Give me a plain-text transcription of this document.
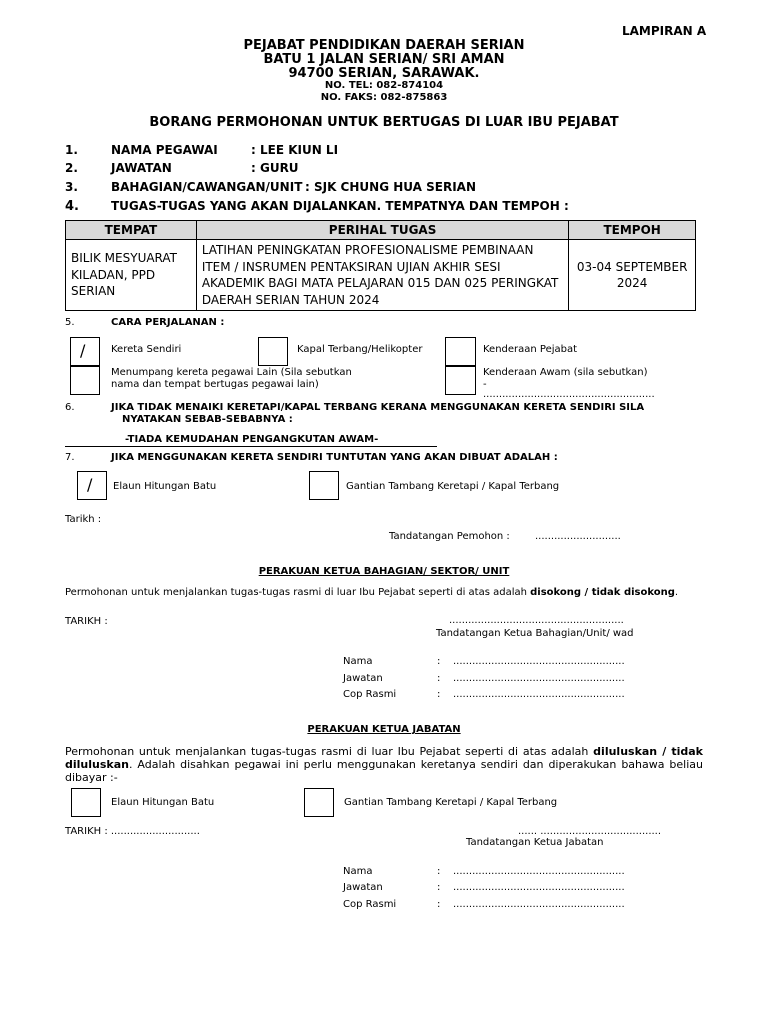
LAMPIRAN A
PEJABAT PENDIDIKAN DAERAH SERIAN
BATU 1 JALAN SERIAN/ SRI AMAN
94700 SERIAN, SARAWAK.
NO. TEL: 082-874104
NO. FAKS: 082-875863
BORANG PERMOHONAN UNTUK BERTUGAS DI LUAR IBU PEJABAT
1.	NAMA PEGAWAI	: LEE KIUN LI
2.	JAWATAN	: GURU
3.	BAHAGIAN/CAWANGAN/UNIT : SJK CHUNG HUA SERIAN
4.	TUGAS-TUGAS YANG AKAN DIJALANKAN. TEMPATNYA DAN TEMPOH :
TEMPAT	PERIHAL TUGAS	TEMPOH
BILIK MESYUARAT KILADAN, PPD SERIAN	LATIHAN PENINGKATAN PROFESIONALISME PEMBINAAN ITEM / INSRUMEN PENTAKSIRAN UJIAN AKHIR SESI AKADEMIK BAGI MATA PELAJARAN 015 DAN 025 PERINGKAT DAERAH SERIAN TAHUN 2024	03-04 SEPTEMBER 2024
5.	CARA PERJALANAN :
/	Kereta Sendiri	Kapal Terbang/Helikopter	Kenderaan Pejabat
Menumpang kereta pegawai Lain (Sila sebutkan
nama dan tempat bertugas pegawai lain)
Kenderaan Awam (sila sebutkan)
-
......................................................
6.	JIKA TIDAK MENAIKI KERETAPI/KAPAL TERBANG KERANA MENGGUNAKAN KERETA SENDIRI SILA
NYATAKAN SEBAB-SEBABNYA :
-TIADA KEMUDAHAN PENGANGKUTAN AWAM-
7.	JIKA MENGGUNAKAN KERETA SENDIRI TUNTUTAN YANG AKAN DIBUAT ADALAH :
/ Elaun Hitungan Batu	Gantian Tambang Keretapi / Kapal Terbang
Tarikh :
Tandatangan Pemohon :	...........................
PERAKUAN KETUA BAHAGIAN/ SEKTOR/ UNIT
Permohonan untuk menjalankan tugas-tugas rasmi di luar Ibu Pejabat seperti di atas adalah disokong / tidak disokong.
TARIKH :	.......................................................
Tandatangan Ketua Bahagian/Unit/ wad
Nama	: ......................................................
Jawatan	: ......................................................
Cop Rasmi	: ......................................................
PERAKUAN KETUA JABATAN
Permohonan untuk menjalankan tugas-tugas rasmi di luar Ibu Pejabat seperti di atas adalah diluluskan / tidak diluluskan. Adalah disahkan pegawai ini perlu menggunakan keretanya sendiri dan diperakukan bahawa beliau dibayar :-
Elaun Hitungan Batu	Gantian Tambang Keretapi / Kapal Terbang
TARIKH : ............................	...... ......................................
Tandatangan Ketua Jabatan
Nama	: ......................................................
Jawatan	: ......................................................
Cop Rasmi	: ......................................................
